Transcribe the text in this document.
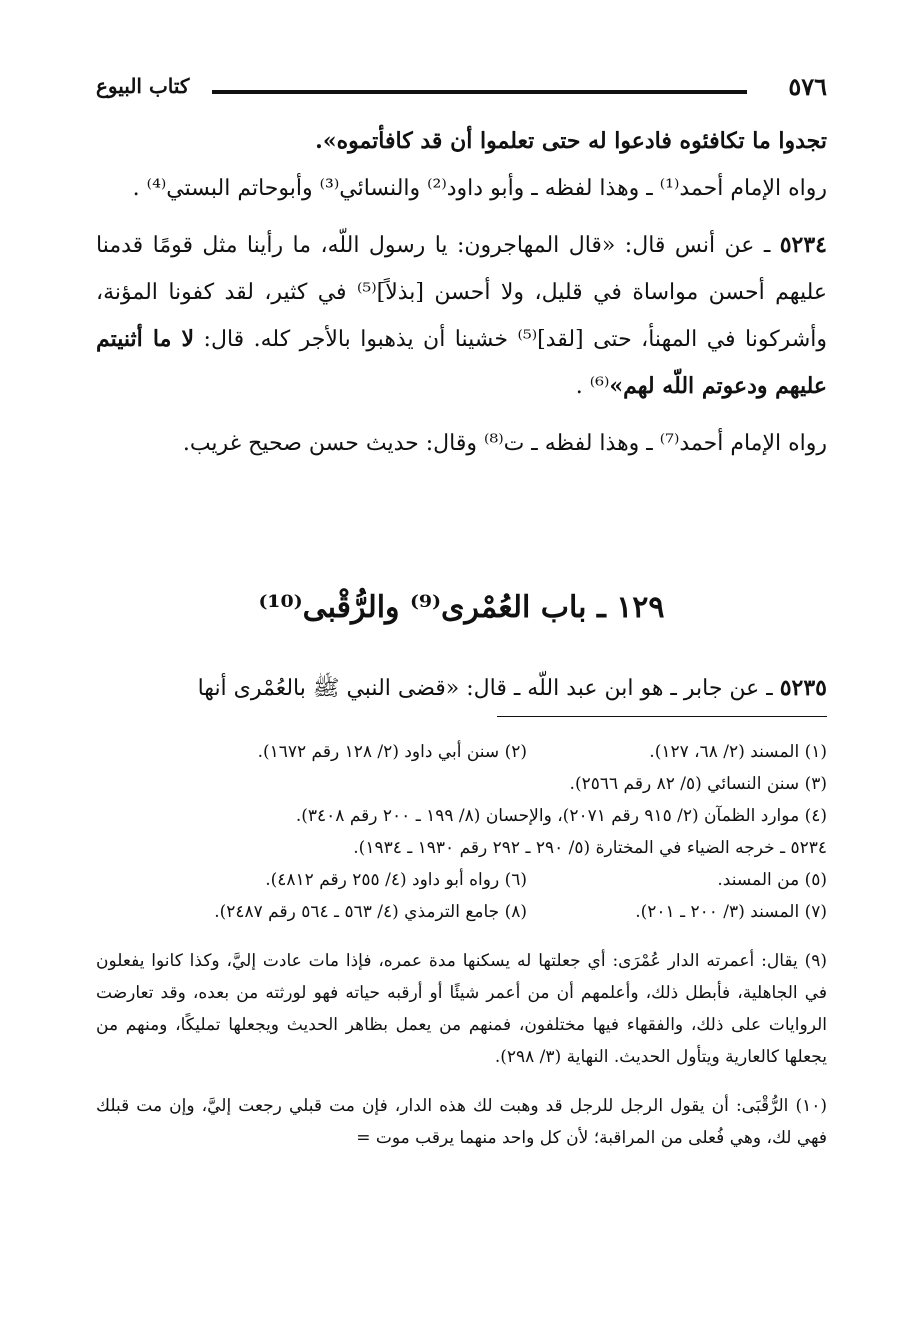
٥٧٦
كتاب البيوع

تجدوا ما تكافئوه فادعوا له حتى تعلموا أن قد كافأتموه».

رواه الإمام أحمد⁽¹⁾ ـ وهذا لفظه ـ وأبو داود⁽²⁾ والنسائي⁽³⁾ وأبوحاتم البستي⁽⁴⁾ .

٥٢٣٤ ـ عن أنس قال: «قال المهاجرون: يا رسول اللّه، ما رأينا مثل قومًا قدمنا عليهم أحسن مواساة في قليل، ولا أحسن [بذلاً]⁽⁵⁾ في كثير، لقد كفونا المؤنة، وأشركونا في المهنأ، حتى [لقد]⁽⁵⁾ خشينا أن يذهبوا بالأجر كله. قال: لا ما أثنيتم عليهم ودعوتم اللّه لهم»⁽⁶⁾ .

رواه الإمام أحمد⁽⁷⁾ ـ وهذا لفظه ـ ت⁽⁸⁾ وقال: حديث حسن صحيح غريب.

١٢٩ ـ باب العُمْرى⁽⁹⁾ والرُّقْبى⁽¹⁰⁾
٥٢٣٥ ـ عن جابر ـ هو ابن عبد اللّه ـ قال: «قضى النبي ﷺ بالعُمْرى أنها
(١) المسند (٢/ ٦٨، ١٢٧).
(٢) سنن أبي داود (٢/ ١٢٨ رقم ١٦٧٢).

(٣) سنن النسائي (٥/ ٨٢ رقم ٢٥٦٦).

(٤) موارد الظمآن (٢/ ٩١٥ رقم ٢٠٧١)، والإحسان (٨/ ١٩٩ ـ ٢٠٠ رقم ٣٤٠٨).

٥٢٣٤ ـ خرجه الضياء في المختارة (٥/ ٢٩٠ ـ ٢٩٢ رقم ١٩٣٠ ـ ١٩٣٤).

(٥) من المسند.
(٦) رواه أبو داود (٤/ ٢٥٥ رقم ٤٨١٢).
(٧) المسند (٣/ ٢٠٠ ـ ٢٠١).
(٨) جامع الترمذي (٤/ ٥٦٣ ـ ٥٦٤ رقم ٢٤٨٧).

(٩) يقال: أعمرته الدار عُمْرَى: أي جعلتها له يسكنها مدة عمره، فإذا مات عادت إليَّ، وكذا كانوا يفعلون في الجاهلية، فأبطل ذلك، وأعلمهم أن من أعمر شيئًا أو أرقبه حياته فهو لورثته من بعده، وقد تعارضت الروايات على ذلك، والفقهاء فيها مختلفون، فمنهم من يعمل بظاهر الحديث ويجعلها تمليكًا، ومنهم من يجعلها كالعارية ويتأول الحديث. النهاية (٣/ ٢٩٨).

(١٠) الرُّقْبَى: أن يقول الرجل للرجل قد وهبت لك هذه الدار، فإن مت قبلي رجعت إليَّ، وإن مت قبلك فهي لك، وهي فُعلى من المراقبة؛ لأن كل واحد منهما يرقب موت =
